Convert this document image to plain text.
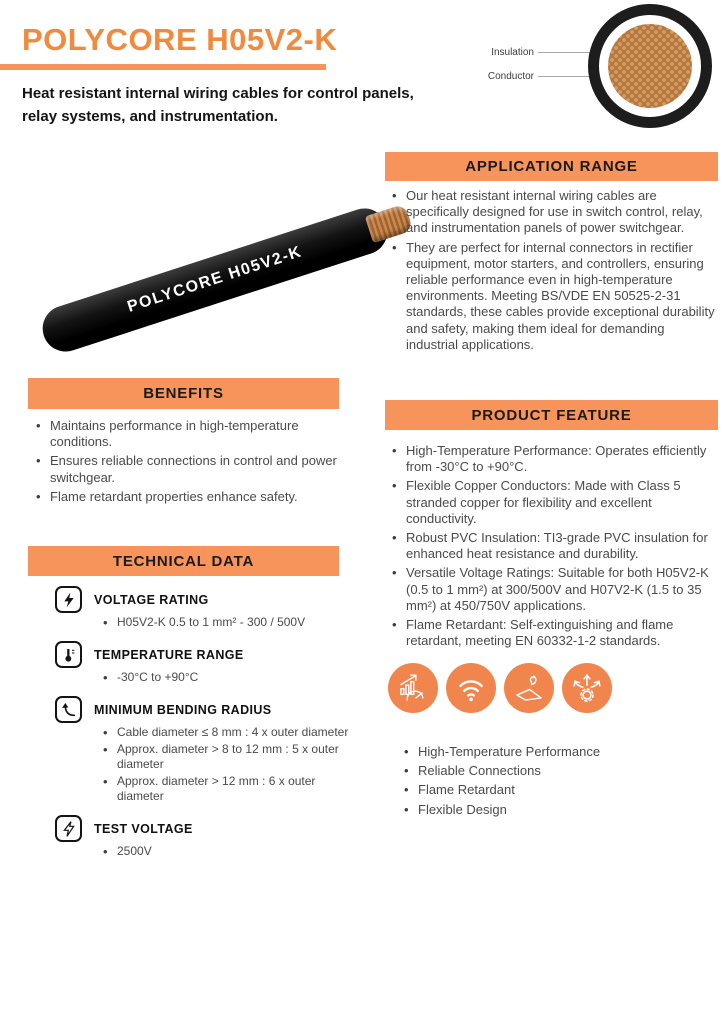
POLYCORE H05V2-K
Heat resistant internal wiring cables for control panels, relay systems, and instrumentation.
Insulation
Conductor
POLYCORE H05V2-K
APPLICATION RANGE
• Our heat resistant internal wiring cables are specifically designed for use in switch control, relay, and instrumentation panels of power switchgear.
• They are perfect for internal connectors in rectifier equipment, motor starters, and controllers, ensuring reliable performance even in high-temperature environments. Meeting BS/VDE EN 50525-2-31 standards, these cables provide exceptional durability and safety, making them ideal for demanding industrial applications.
BENEFITS
• Maintains performance in high-temperature conditions.
• Ensures reliable connections in control and power switchgear.
• Flame retardant properties enhance safety.
PRODUCT FEATURE
• High-Temperature Performance: Operates efficiently from -30°C to +90°C.
• Flexible Copper Conductors: Made with Class 5 stranded copper for flexibility and excellent conductivity.
• Robust PVC Insulation: TI3-grade PVC insulation for enhanced heat resistance and durability.
• Versatile Voltage Ratings: Suitable for both H05V2-K (0.5 to 1 mm²) at 300/500V and H07V2-K (1.5 to 35 mm²) at 450/750V applications.
• Flame Retardant: Self-extinguishing and flame retardant, meeting EN 60332-1-2 standards.
TECHNICAL DATA
VOLTAGE RATING
• H05V2-K 0.5 to 1 mm² - 300 / 500V
TEMPERATURE RANGE
• -30°C to +90°C
MINIMUM BENDING RADIUS
• Cable diameter ≤ 8 mm : 4 x outer diameter
• Approx. diameter > 8 to 12 mm : 5 x outer diameter
• Approx. diameter > 12 mm : 6 x outer diameter
TEST VOLTAGE
• 2500V
• High-Temperature Performance
• Reliable Connections
• Flame Retardant
• Flexible Design
